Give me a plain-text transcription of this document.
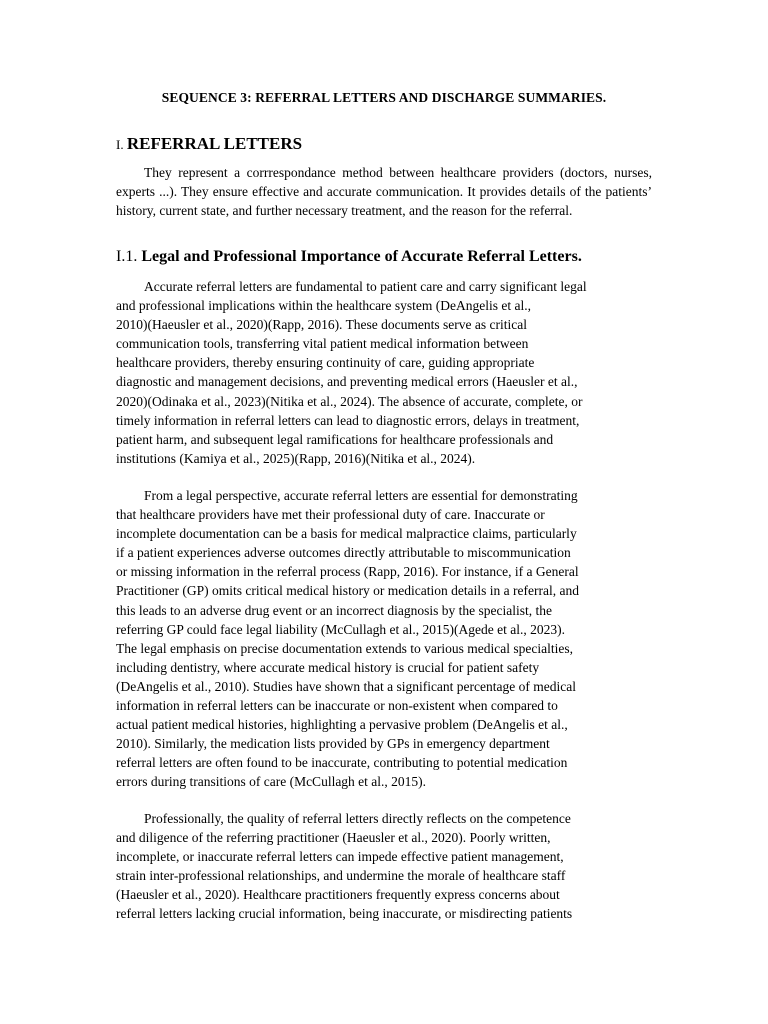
SEQUENCE 3: REFERRAL LETTERS AND DISCHARGE SUMMARIES.
I. REFERRAL LETTERS

They represent a corrrespondance method between healthcare providers (doctors, nurses, experts ...). They ensure effective and accurate communication. It provides details of the patients’ history, current state, and further necessary treatment, and the reason for the referral.

I.1. Legal and Professional Importance of Accurate Referral Letters.
Accurate referral letters are fundamental to patient care and carry significant legal
and professional implications within the healthcare system (DeAngelis et al.,
2010)(Haeusler et al., 2020)(Rapp, 2016). These documents serve as critical
communication tools, transferring vital patient medical information between
healthcare providers, thereby ensuring continuity of care, guiding appropriate
diagnostic and management decisions, and preventing medical errors (Haeusler et al.,
2020)(Odinaka et al., 2023)(Nitika et al., 2024). The absence of accurate, complete, or
timely information in referral letters can lead to diagnostic errors, delays in treatment,
patient harm, and subsequent legal ramifications for healthcare professionals and
institutions (Kamiya et al., 2025)(Rapp, 2016)(Nitika et al., 2024).
From a legal perspective, accurate referral letters are essential for demonstrating
that healthcare providers have met their professional duty of care. Inaccurate or
incomplete documentation can be a basis for medical malpractice claims, particularly
if a patient experiences adverse outcomes directly attributable to miscommunication
or missing information in the referral process (Rapp, 2016). For instance, if a General
Practitioner (GP) omits critical medical history or medication details in a referral, and
this leads to an adverse drug event or an incorrect diagnosis by the specialist, the
referring GP could face legal liability (McCullagh et al., 2015)(Agede et al., 2023).
The legal emphasis on precise documentation extends to various medical specialties,
including dentistry, where accurate medical history is crucial for patient safety
(DeAngelis et al., 2010). Studies have shown that a significant percentage of medical
information in referral letters can be inaccurate or non-existent when compared to
actual patient medical histories, highlighting a pervasive problem (DeAngelis et al.,
2010). Similarly, the medication lists provided by GPs in emergency department
referral letters are often found to be inaccurate, contributing to potential medication
errors during transitions of care (McCullagh et al., 2015).
Professionally, the quality of referral letters directly reflects on the competence
and diligence of the referring practitioner (Haeusler et al., 2020). Poorly written,
incomplete, or inaccurate referral letters can impede effective patient management,
strain inter-professional relationships, and undermine the morale of healthcare staff
(Haeusler et al., 2020). Healthcare practitioners frequently express concerns about
referral letters lacking crucial information, being inaccurate, or misdirecting patients
